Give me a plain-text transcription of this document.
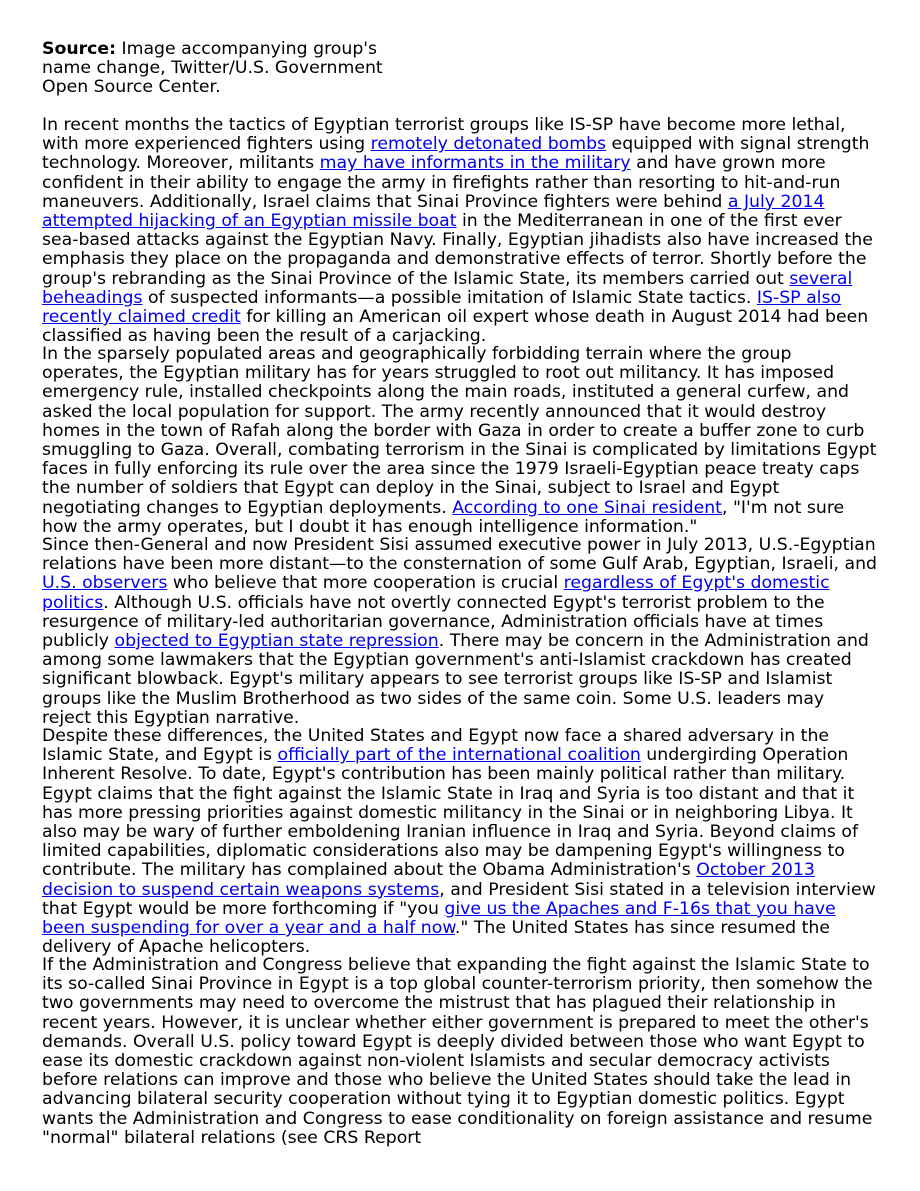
Source: Image accompanying group's name change, Twitter/U.S. Government Open Source Center.

In recent months the tactics of Egyptian terrorist groups like IS-SP have become more lethal, with more experienced fighters using remotely detonated bombs equipped with signal strength technology. Moreover, militants may have informants in the military and have grown more confident in their ability to engage the army in firefights rather than resorting to hit-and-run maneuvers. Additionally, Israel claims that Sinai Province fighters were behind a July 2014 attempted hijacking of an Egyptian missile boat in the Mediterranean in one of the first ever sea-based attacks against the Egyptian Navy. Finally, Egyptian jihadists also have increased the emphasis they place on the propaganda and demonstrative effects of terror. Shortly before the group's rebranding as the Sinai Province of the Islamic State, its members carried out several beheadings of suspected informants—a possible imitation of Islamic State tactics. IS-SP also recently claimed credit for killing an American oil expert whose death in August 2014 had been classified as having been the result of a carjacking.

In the sparsely populated areas and geographically forbidding terrain where the group operates, the Egyptian military has for years struggled to root out militancy. It has imposed emergency rule, installed checkpoints along the main roads, instituted a general curfew, and asked the local population for support. The army recently announced that it would destroy homes in the town of Rafah along the border with Gaza in order to create a buffer zone to curb smuggling to Gaza. Overall, combating terrorism in the Sinai is complicated by limitations Egypt faces in fully enforcing its rule over the area since the 1979 Israeli-Egyptian peace treaty caps the number of soldiers that Egypt can deploy in the Sinai, subject to Israel and Egypt negotiating changes to Egyptian deployments. According to one Sinai resident, "I'm not sure how the army operates, but I doubt it has enough intelligence information."

Since then-General and now President Sisi assumed executive power in July 2013, U.S.-Egyptian relations have been more distant—to the consternation of some Gulf Arab, Egyptian, Israeli, and U.S. observers who believe that more cooperation is crucial regardless of Egypt's domestic politics. Although U.S. officials have not overtly connected Egypt's terrorist problem to the resurgence of military-led authoritarian governance, Administration officials have at times publicly objected to Egyptian state repression. There may be concern in the Administration and among some lawmakers that the Egyptian government's anti-Islamist crackdown has created significant blowback. Egypt's military appears to see terrorist groups like IS-SP and Islamist groups like the Muslim Brotherhood as two sides of the same coin. Some U.S. leaders may reject this Egyptian narrative.

Despite these differences, the United States and Egypt now face a shared adversary in the Islamic State, and Egypt is officially part of the international coalition undergirding Operation Inherent Resolve. To date, Egypt's contribution has been mainly political rather than military. Egypt claims that the fight against the Islamic State in Iraq and Syria is too distant and that it has more pressing priorities against domestic militancy in the Sinai or in neighboring Libya. It also may be wary of further emboldening Iranian influence in Iraq and Syria. Beyond claims of limited capabilities, diplomatic considerations also may be dampening Egypt's willingness to contribute. The military has complained about the Obama Administration's October 2013 decision to suspend certain weapons systems, and President Sisi stated in a television interview that Egypt would be more forthcoming if "you give us the Apaches and F-16s that you have been suspending for over a year and a half now." The United States has since resumed the delivery of Apache helicopters.

If the Administration and Congress believe that expanding the fight against the Islamic State to its so-called Sinai Province in Egypt is a top global counter-terrorism priority, then somehow the two governments may need to overcome the mistrust that has plagued their relationship in recent years. However, it is unclear whether either government is prepared to meet the other's demands. Overall U.S. policy toward Egypt is deeply divided between those who want Egypt to ease its domestic crackdown against non-violent Islamists and secular democracy activists before relations can improve and those who believe the United States should take the lead in advancing bilateral security cooperation without tying it to Egyptian domestic politics. Egypt wants the Administration and Congress to ease conditionality on foreign assistance and resume "normal" bilateral relations (see CRS Report
